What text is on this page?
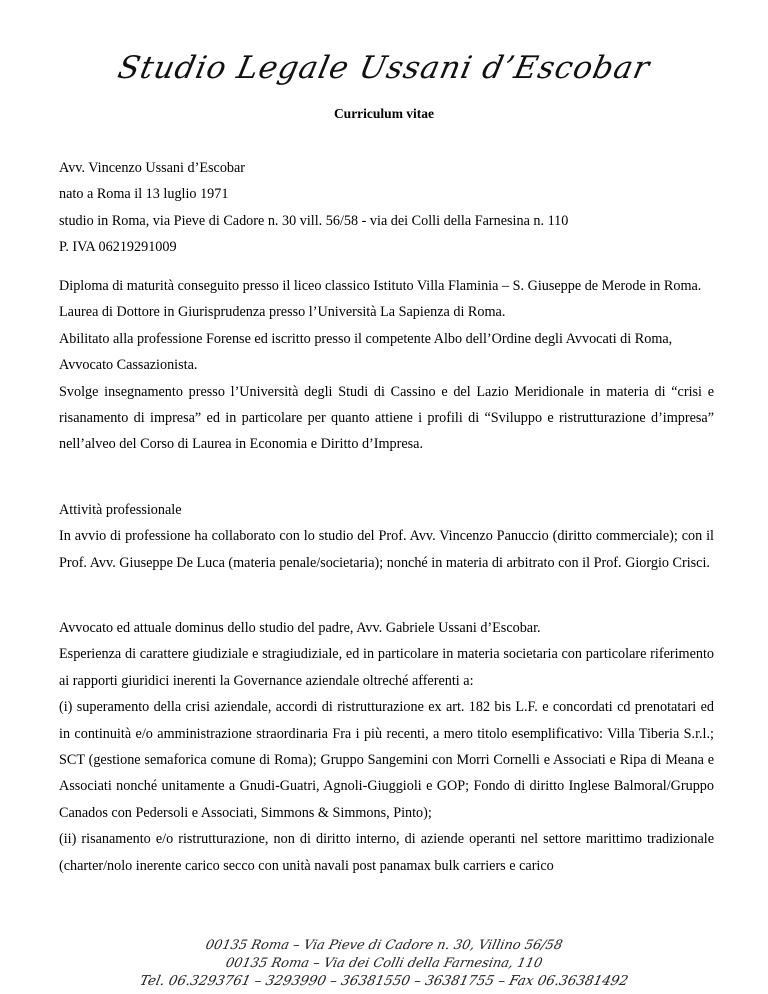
Studio Legale Ussani d’Escobar
Curriculum vitae
Avv. Vincenzo Ussani d’Escobar
nato a Roma il 13 luglio 1971
studio in Roma, via Pieve di Cadore n. 30 vill. 56/58 - via dei Colli della Farnesina n. 110
P. IVA 06219291009
Diploma di maturità conseguito presso il liceo classico Istituto Villa Flaminia – S. Giuseppe de Merode in Roma.
Laurea di Dottore in Giurisprudenza presso l’Università La Sapienza di Roma.
Abilitato alla professione Forense ed iscritto presso il competente Albo dell’Ordine degli Avvocati di Roma, Avvocato Cassazionista.
Svolge insegnamento presso l’Università degli Studi di Cassino e del Lazio Meridionale in materia di “crisi e risanamento di impresa” ed in particolare per quanto attiene i profili di “Sviluppo e ristrutturazione d’impresa” nell’alveo del Corso di Laurea in Economia e Diritto d’Impresa.
Attività professionale
In avvio di professione ha collaborato con lo studio del Prof. Avv. Vincenzo Panuccio (diritto commerciale); con il Prof. Avv. Giuseppe De Luca (materia penale/societaria); nonché in materia di arbitrato con il Prof. Giorgio Crisci.
Avvocato ed attuale dominus dello studio del padre, Avv. Gabriele Ussani d’Escobar.
Esperienza di carattere giudiziale e stragiudiziale, ed in particolare in materia societaria con particolare riferimento ai rapporti giuridici inerenti la Governance aziendale oltreché afferenti a:
(i) superamento della crisi aziendale, accordi di ristrutturazione ex art. 182 bis L.F. e concordati cd prenotatari ed in continuità e/o amministrazione straordinaria Fra i più recenti, a mero titolo esemplificativo: Villa Tiberia S.r.l.; SCT (gestione semaforica comune di Roma); Gruppo Sangemini con Morri Cornelli e Associati e Ripa di Meana e Associati nonché unitamente a Gnudi-Guatri, Agnoli-Giuggioli e GOP; Fondo di diritto Inglese Balmoral/Gruppo Canados con Pedersoli e Associati, Simmons & Simmons, Pinto);
(ii) risanamento e/o ristrutturazione, non di diritto interno, di aziende operanti nel settore marittimo tradizionale (charter/nolo inerente carico secco con unità navali post panamax bulk carriers e carico
00135 Roma – Via Pieve di Cadore n. 30, Villino 56/58
00135 Roma – Via dei Colli della Farnesina, 110
Tel. 06.3293761 – 3293990 – 36381550 – 36381755 – Fax 06.36381492
